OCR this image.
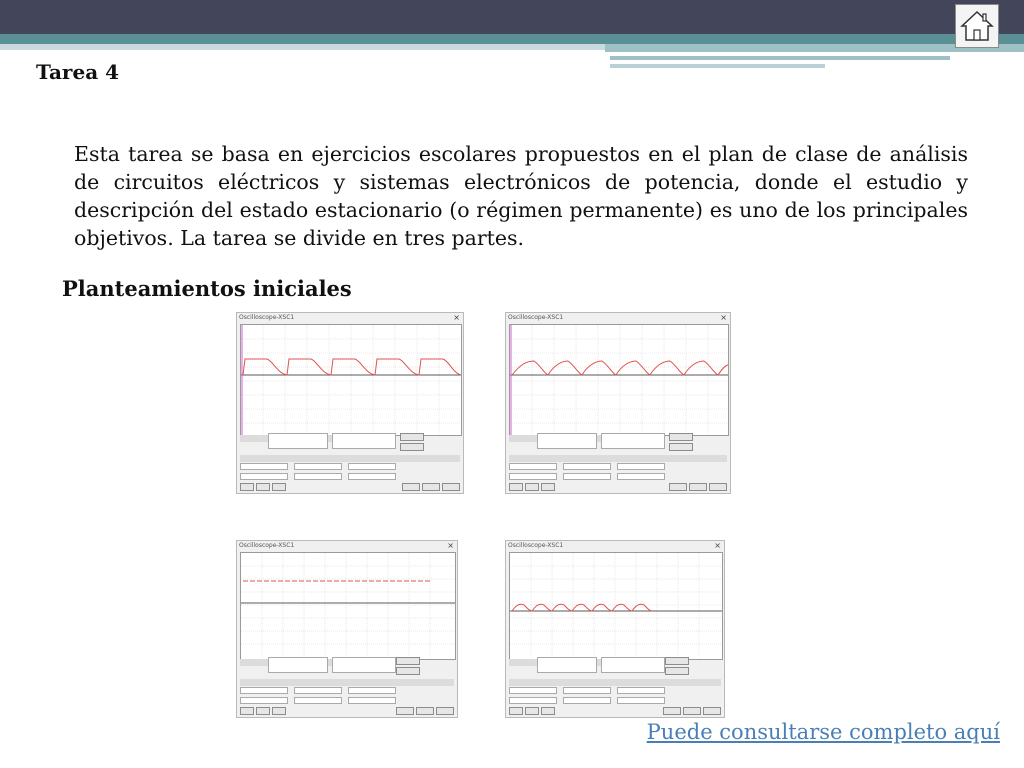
Tarea 4

Esta tarea se basa en ejercicios escolares propuestos en el plan de clase de análisis de circuitos eléctricos y sistemas electrónicos de potencia, donde el estudio y descripción del estado estacionario (o régimen permanente) es uno de los principales objetivos. La tarea se divide en tres partes.

Planteamientos iniciales
Oscilloscope-XSC1	×	Oscilloscope-XSC1	×
Oscilloscope-XSC1	×	Oscilloscope-XSC1	×
Puede consultarse completo aquí
